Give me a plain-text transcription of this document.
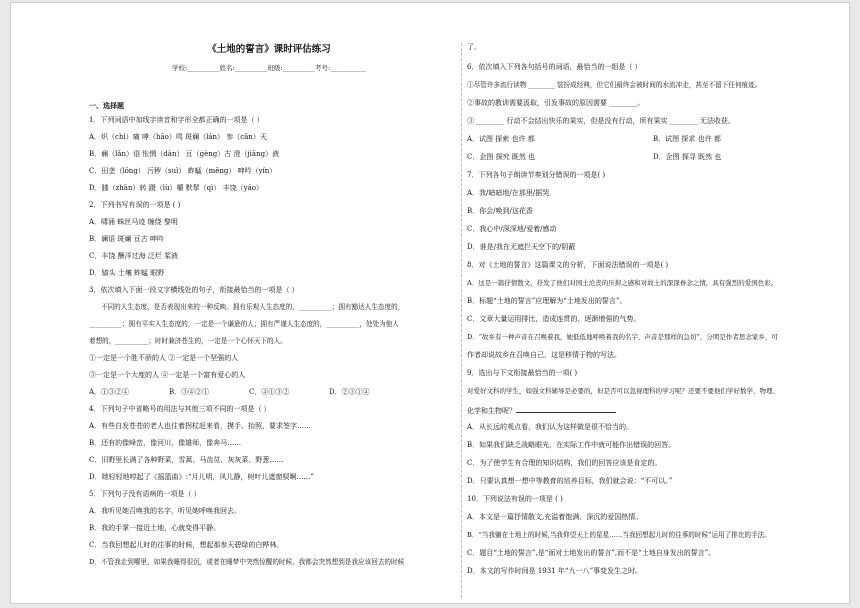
《土地的誓言》课时评估练习
学校:__________姓名:__________班级:__________考号:___________
一、选择题
1．下列词语中加线字读音和字形全都正确的一项是（ ）
A．炽（chì）痛 哮（hāo）鸣 斑斓（lán） 参（cān）天
B．斓（lǎn）语 怅惘（dàn） 亘（gèng）古 澄（jiāng）液
C．田垄（lǒng） 污秽（suì） 蚱蜢（měng） 呻吟（yín）
D．膝（zhān）转 蹑（lù）嚼 默挈（qì） 丰饶（yáo）
2．下列书写有误的一项是 ( )
A．啸涌 蛛丝马迹 缠绕 黎明
B．谰语 斑斓 亘古 呻吟
C．丰饶 酬洋过海 泛烂 桨液
D．镐头 土壤 蚱蜢 眼野
3．依次填入下面一段文字横线处的句子，衔接最恰当的一项是（ ）
不同的人生态度，是否表现出来的一种反映。拥有乐观人生态度的，__________；拥有豁达人生态度的，
__________；拥有平实人生态度的，一定是一个谦逊的人；拥有严谨人生态度的，__________，处处为他人
着想的，__________；时时兼济苍生的，一定是一个心怀天下的人。
①一定是一个胜不骄的人 ②一定是一个坚强的人
③一定是一个大度的人 ④一定是一个富有爱心的人
A．①③②④	B．③④②①	C．④①③②	D．②③①④
4．下列句子中省略号的用法与其他三项不同的一项是（ ）
A．有些白发苍苍的老人也往着拐杖赶来看，摸手、抬照、要求签字……
B．还有的像峰峦，像河川，像雄师，像奔马……
C．旧野里长满了各种野菜，雪蒿、马齿苋、灰灰菜、野葱……
D．她轻轻地哼起了《摇篮曲》:“月儿明，风儿静，树叶儿遮窗棂啊……”
5．下列句子没有语病的一项是（ ）
A．我听见她召唤我的名字，听见她呼唤我回去。
B．我的手掌一接近土地，心就变得平静。
C．当我回想起儿时的往事的时候，想起那参天碧绿的白桦林。
D．不管我走到哪里，如果我睡得很沉，或者在睡梦中突然惊醒的时候，我都会突然想到是我应该回去的时候
了。
6．依次填入下列各句括号的词语，最恰当的一组是（ ）
①尽管许多流行读物 ________ 装扮成经典，但它们最终会被时间的水流冲走，甚至不留下任何痕迹。
②事故的教训需要汲取，引发事故的原因需要 ________。
③ ________ 行动不会结出快乐的果实，但是没有行动，所有果实 ________ 无法收获。
A．试图 探索 也许 都	B．试图 探求 也许 都
C．企图 探究 既然 也	D．企图 探寻 既然 也
7．下列各句子朗读节奏划分错误的一项是( )
A．我/暗暗地/在那里/据哭
B．你会/唤到/这花香
C．我心中/深深地/爱着/感动
D．谁是/我在无遮拦天空下的/阴蔽
8．对《土地的誓言》这篇课文的分析，下面说法错误的一项是( )
A．这是一篇抒情散文，抒发了他们对国土沦丧的压抑之感和对故土的深深眷念之情，具有强烈的爱国色彩。
B．标题“土地的誓言”应理解为“土地发出的誓言”。
C．文章大量运用排比，造成连贯的、逐渐增强的气势。
D．“故乡有一种声音在召唤着我，她低低地呼唤着我的名字，声音是那样的急切”，分明是作者思念家乡，可
作者却说故乡在召唤自己，这是移情于物的写法。
9．选出与下文衔接最恰当的一项( )
对爱好文科的学生，如强文科辅导是必要的，但是否可以忽视理科的学习呢？还要不要他们学好数学、物理、
化学和生物呢？
A．从长远的观点看，我们认为这样做是很不恰当的。
B．如果我们缺乏战略眼光，在实际工作中就可能作出错误的回答。
C．为了使学生有合理的知识结构，我们的回答应该是肯定的。
D．只要认真想一想中等教育的培养目标，我们就会说：“不可以。”
10．下列说法有误的一项是 ( )
A．本文是一篇抒情散文,充溢着饱满、深沉的爱国热情。
B．“当我躺在土地上的时候,当我仰望天上的星星……当我回想起儿时的往事的时候”运用了排比的手法。
C．题目“土地的誓言”,是“面对土地发出的誓言”,而不是“土地自身发出的誓言”。
D．本文的写作时间是 1931 年“九一八”事变发生之时。
